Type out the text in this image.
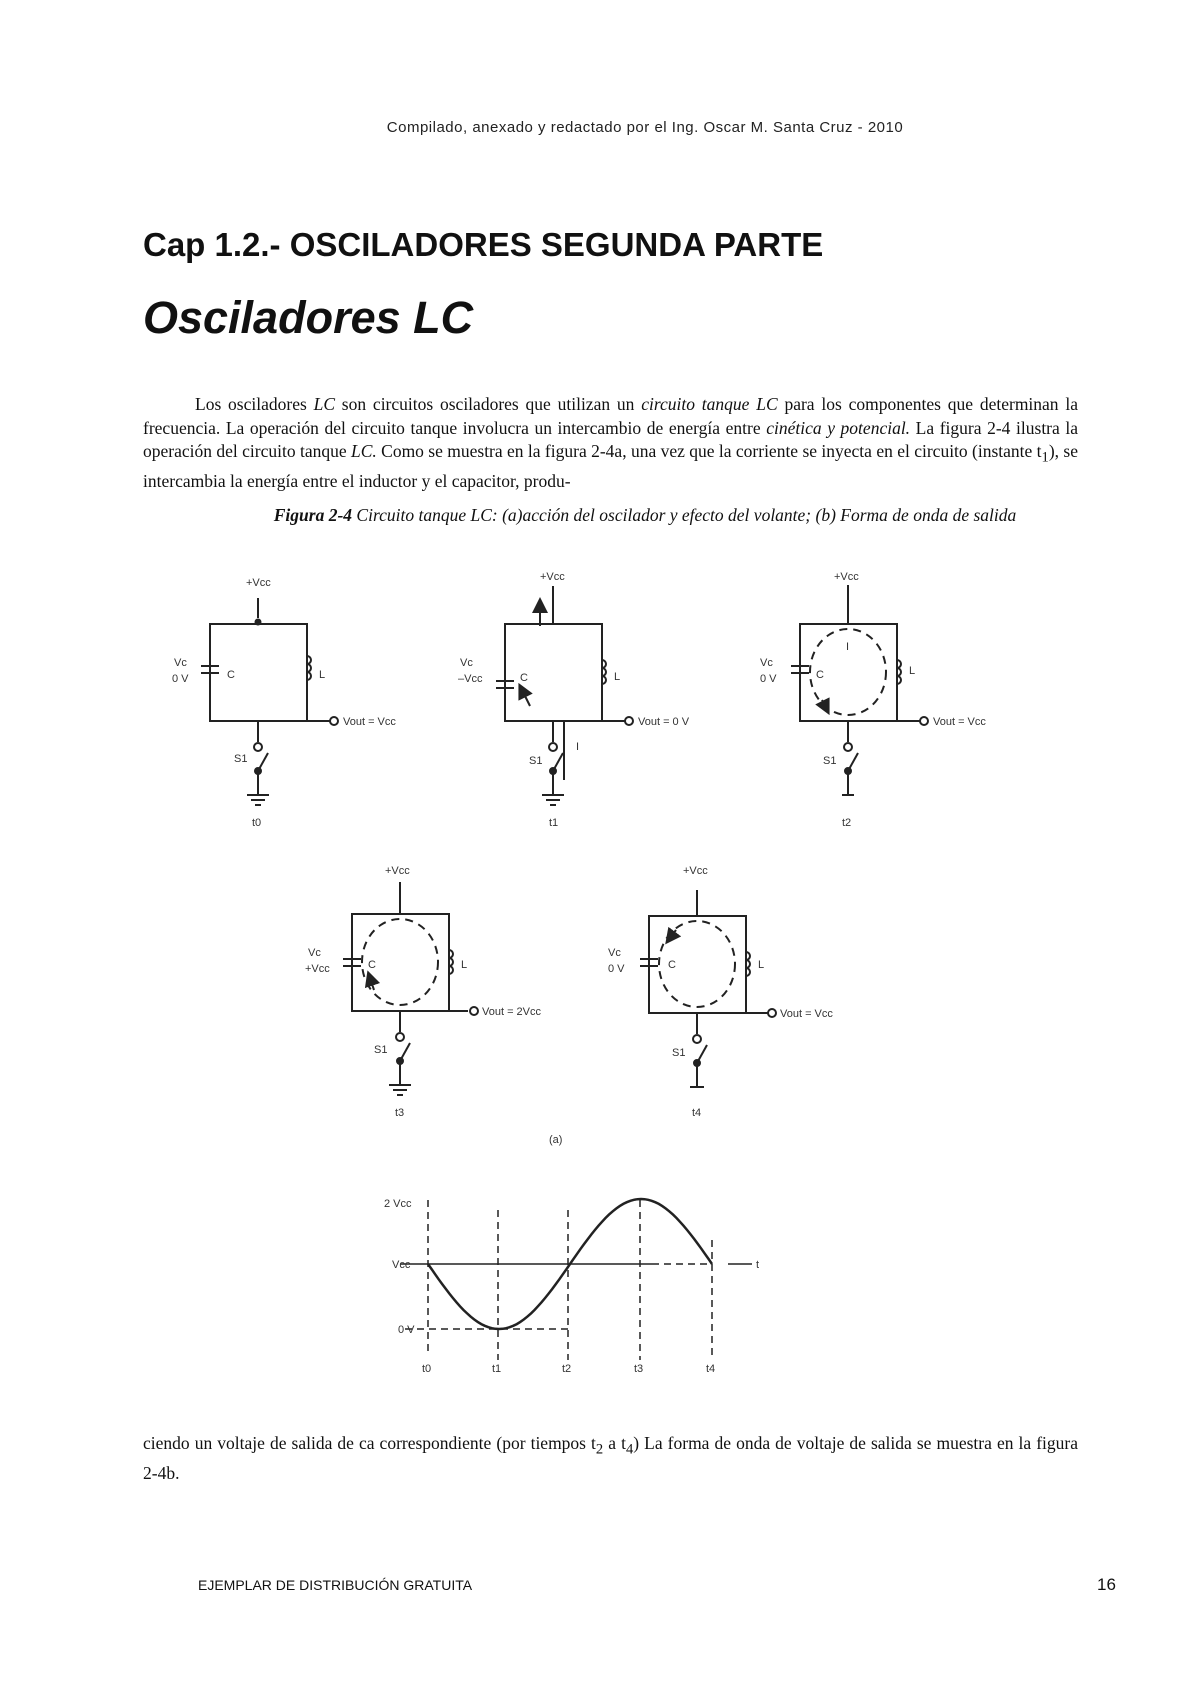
Compilado, anexado y redactado por el Ing. Oscar M. Santa Cruz - 2010
Cap 1.2.- OSCILADORES SEGUNDA PARTE
Osciladores LC

Los osciladores LC son circuitos osciladores que utilizan un circuito tanque LC para los componentes que determinan la frecuencia. La operación del circuito tanque involucra un intercambio de energía entre cinética y potencial. La figura 2-4 ilustra la operación del circuito tanque LC. Como se muestra en la figura 2-4a, una vez que la corriente se inyecta en el circuito (instante $t_1$), se intercambia la energía entre el inductor y el capacitor, produ-

Figura 2-4 Circuito tanque LC: (a)acción del oscilador y efecto del volante; (b) Forma de onda de salida
+Vcc
Vc
0 V	C	L
Vout = Vcc
S1
t0
+Vcc
Vc
–Vcc	C	L
Vout = 0 V
I
S1
t1
+Vcc
Vc
0 V	C
I
L
Vout = Vcc
S1
t2
+Vcc
Vc
+Vcc	C	L
Vout = 2Vcc
S1
t3
+Vcc
Vc
0 V	C	L
Vout = Vcc
S1
t4
(a)
2 Vcc
Vcc
0 V
t
t0	t1	t2	t3	t4

ciendo un voltaje de salida de ca correspondiente (por tiempos $t_2$ a $t_4$) La forma de onda de voltaje de salida se muestra en la figura 2-4b.

EJEMPLAR DE DISTRIBUCIÓN GRATUITA	16
